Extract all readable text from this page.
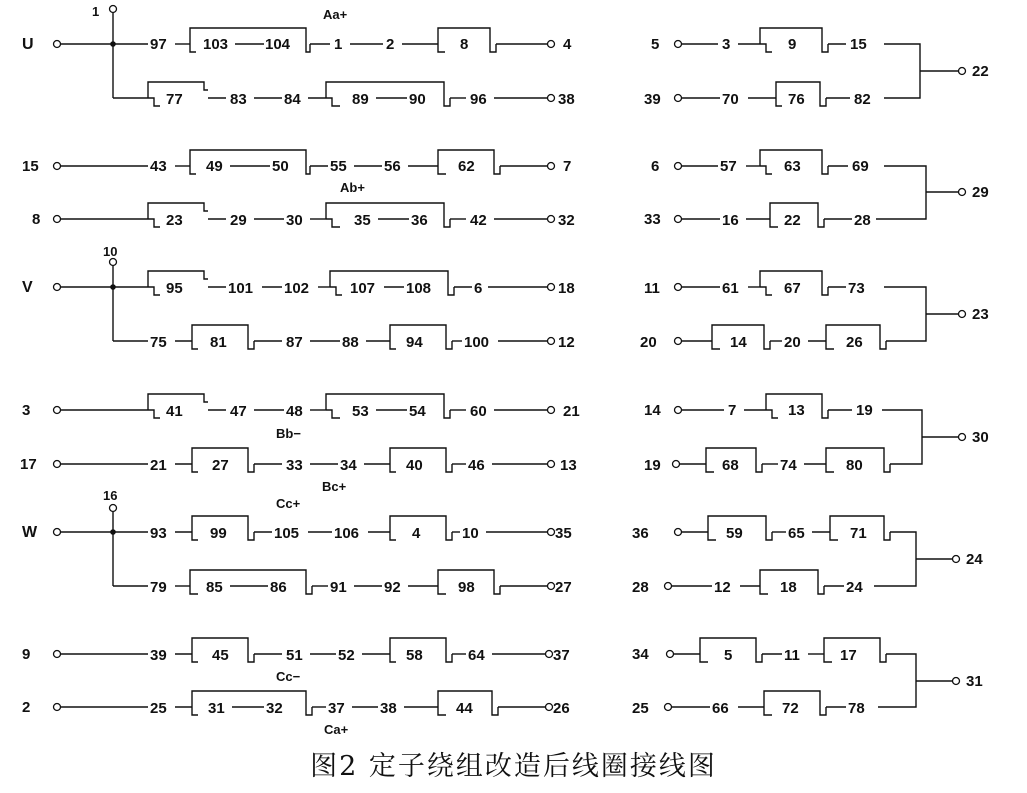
U
1	Aa+
97 103 104	1	2	8	4
77	83 84	89	90	96	38
15	43	49	50	55 56	62	7
Ab+
8	23	29	30	35	36	42	32
V
10
95	101 102	107 108	6	18
75	81	87	88	94	100	12
3	41	47	48	53	54	60	21
Bb−
17	21	27	33 34	40	46	13
Bc+
Cc+
W
16
93	99	105 106	4	10	35
79	85	86	91 92	98	27
9	39	45	51 52	58	64	37
Cc−
2	25	31	32	37 38	44	26
Ca+
5	3	9	15
22
39	70	76	82
6	57	63	69
29
33	16	22	28
11	61	67	73
23
20	14 20	26
14	7	13	19
30
19	68	74	80
36	59	65	71
24
28	12	18	24
34	5	11	17
31
25	66	72	78
图2 定子绕组改造后线圈接线图
